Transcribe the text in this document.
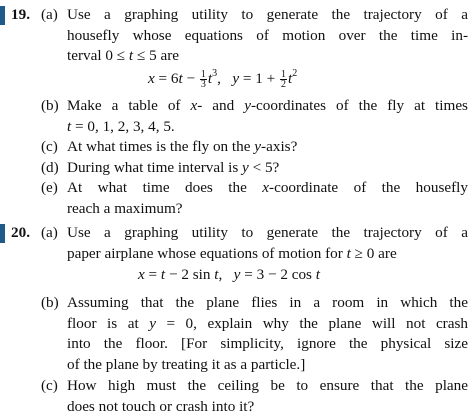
19. (a) Use a graphing utility to generate the trajectory of a
housefly whose equations of motion over the time in-
terval 0 ≤ t ≤ 5 are
$x = 6t - \frac{1}{3} t^3$, $y = 1 + \frac{1}{2} t^2$
(b) Make a table of x- and y-coordinates of the fly at times
t = 0, 1, 2, 3, 4, 5.
(c) At what times is the fly on the y-axis?
(d) During what time interval is y < 5?
(e) At what time does the x-coordinate of the housefly
reach a maximum?
20. (a) Use a graphing utility to generate the trajectory of a
paper airplane whose equations of motion for t ≥ 0 are
x = t − 2 sin t, y = 3 − 2 cos t
(b) Assuming that the plane flies in a room in which the
floor is at y = 0, explain why the plane will not crash
into the floor. [For simplicity, ignore the physical size
of the plane by treating it as a particle.]
(c) How high must the ceiling be to ensure that the plane
does not touch or crash into it?
